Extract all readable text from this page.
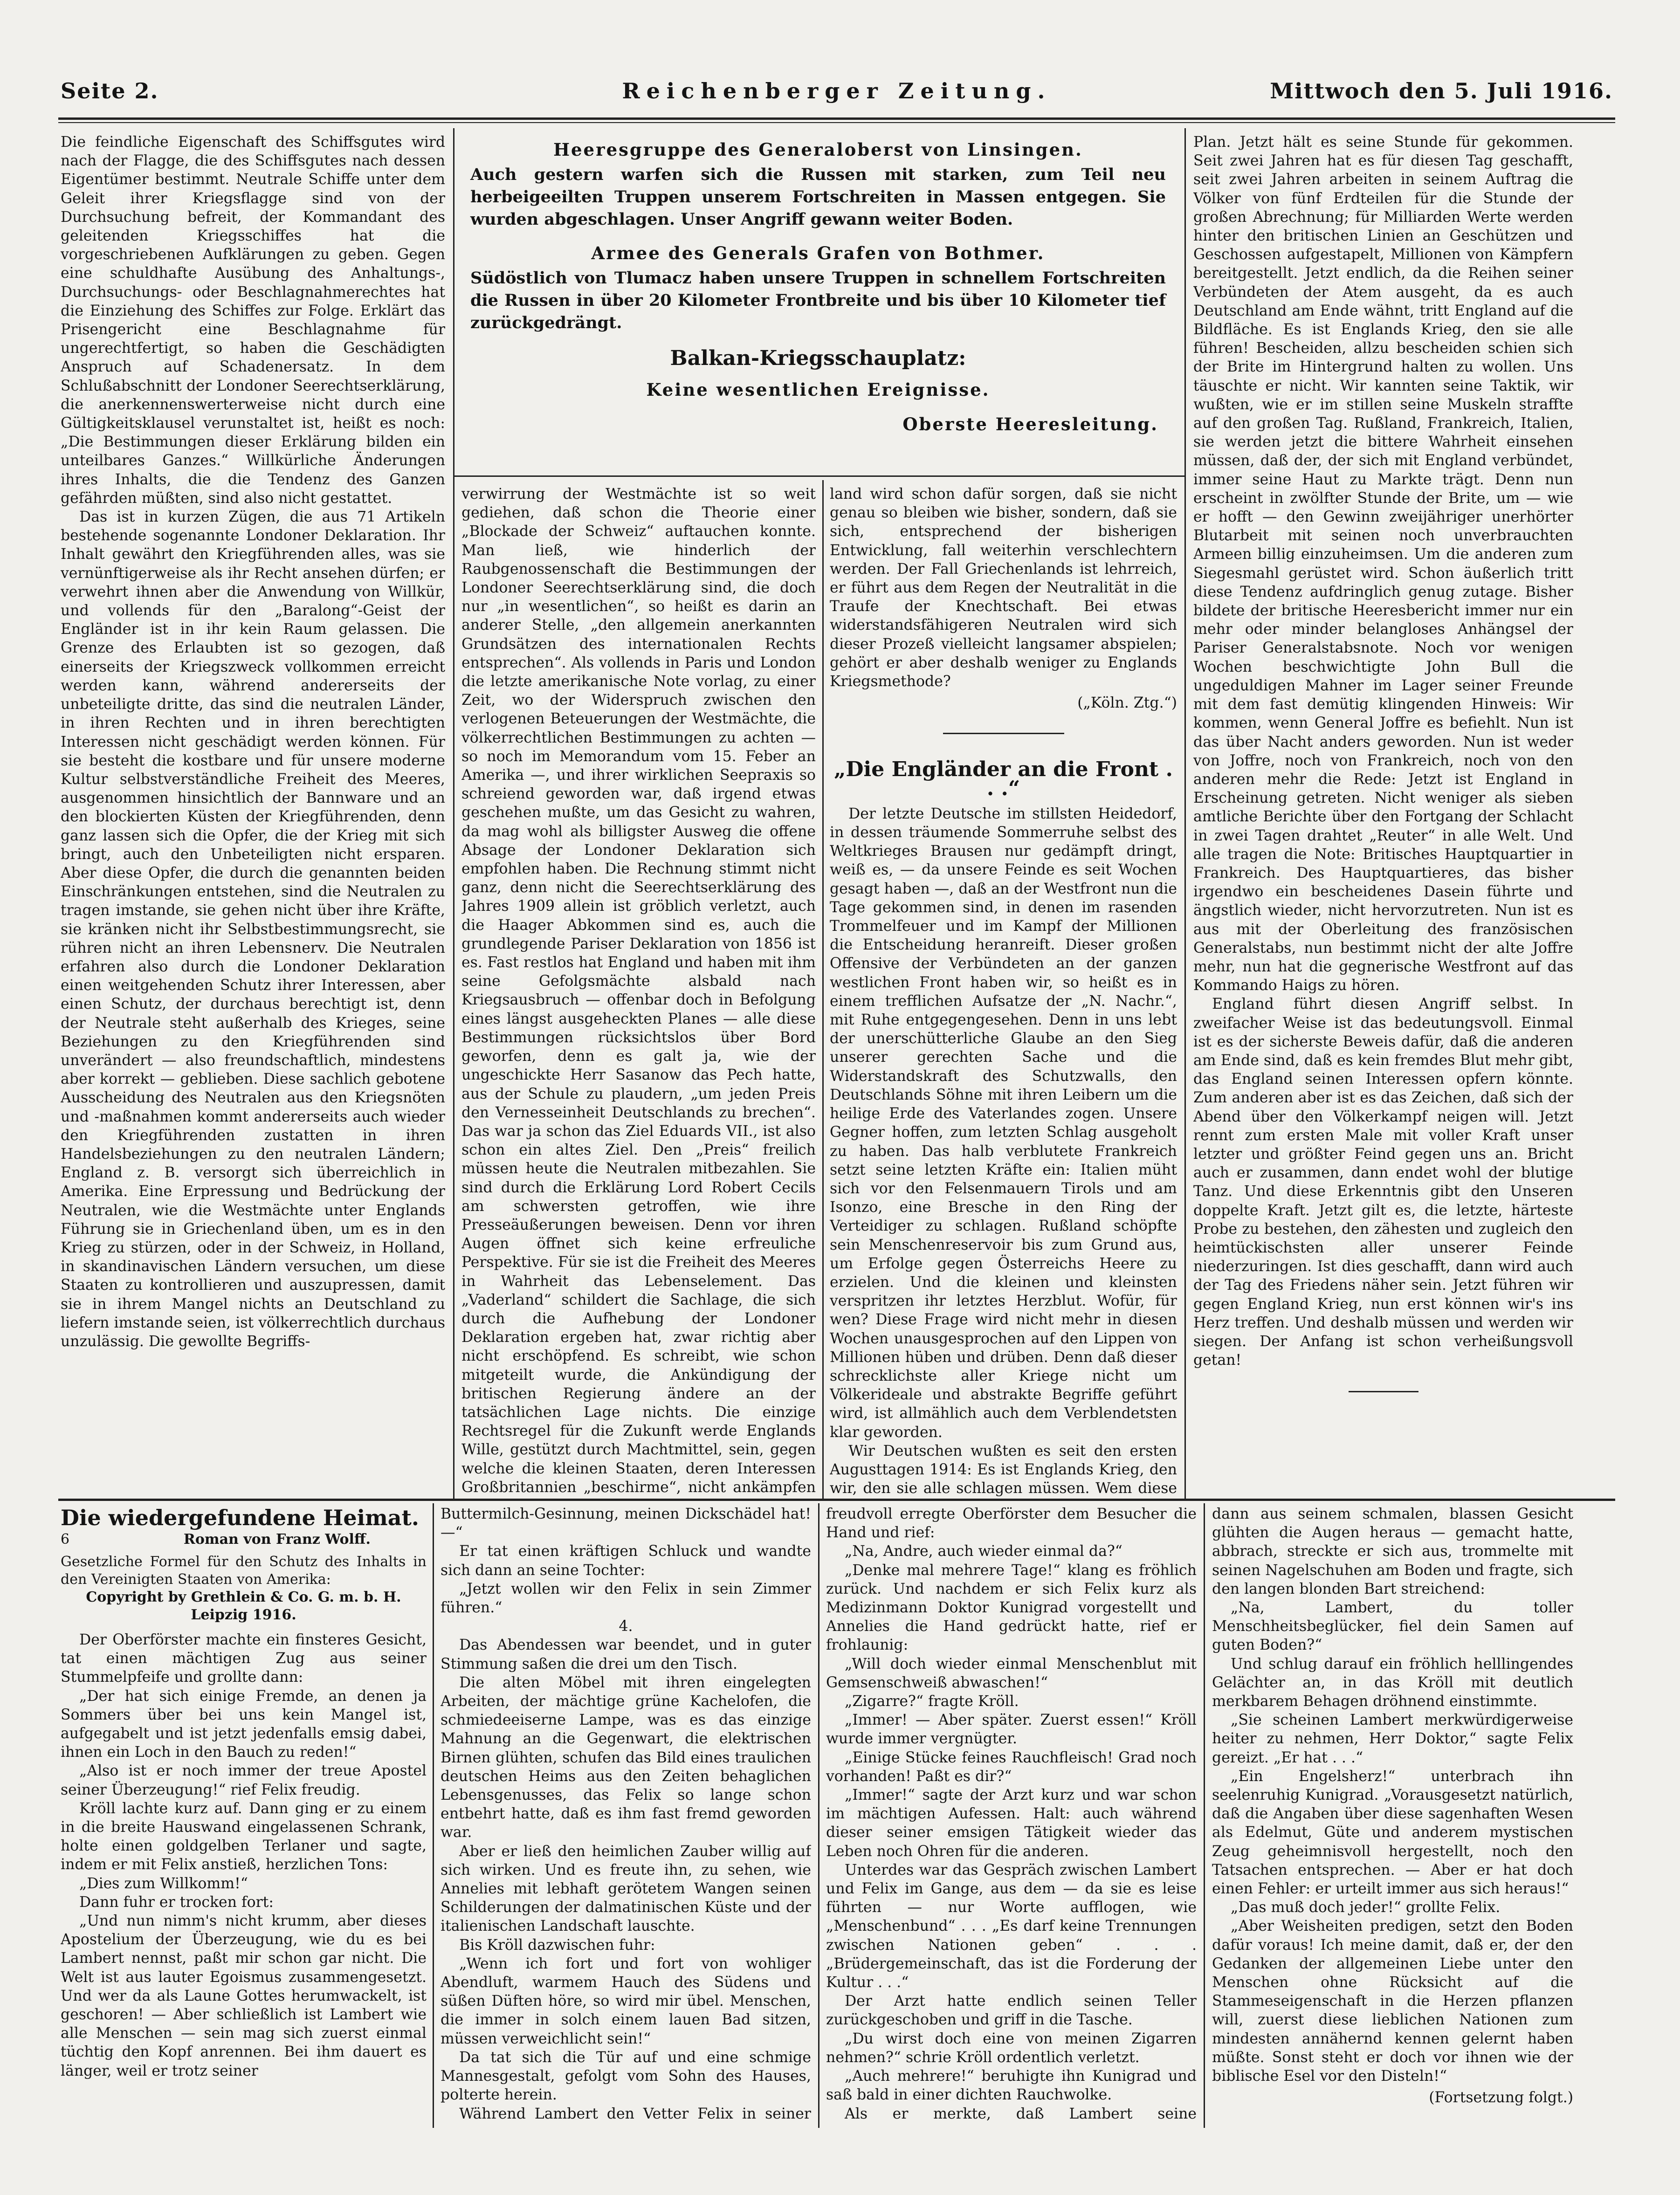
Seite 2.	Reichenberger Zeitung.	Mittwoch den 5. Juli 1916.

Die feindliche Eigenschaft des Schiffsgutes wird nach der Flagge, die des Schiffsgutes nach dessen Eigentümer bestimmt. Neutrale Schiffe unter dem Geleit ihrer Kriegsflagge sind von der Durchsuchung befreit, der Kommandant des geleitenden Kriegsschiffes hat die vorgeschriebenen Aufklärungen zu geben. Gegen eine schuldhafte Ausübung des Anhaltungs-, Durchsuchungs- oder Beschlagnahmerechtes hat die Einziehung des Schiffes zur Folge. Erklärt das Prisengericht eine Beschlagnahme für ungerechtfertigt, so haben die Geschädigten Anspruch auf Schadenersatz. In dem Schlußabschnitt der Londoner Seerechtserklärung, die anerkennenswerterweise nicht durch eine Gültigkeitsklausel verunstaltet ist, heißt es noch: „Die Bestimmungen dieser Erklärung bilden ein unteilbares Ganzes.“ Willkürliche Änderungen ihres Inhalts, die die Tendenz des Ganzen gefährden müßten, sind also nicht gestattet.

Das ist in kurzen Zügen, die aus 71 Artikeln bestehende sogenannte Londoner Deklaration. Ihr Inhalt gewährt den Kriegführenden alles, was sie vernünftigerweise als ihr Recht ansehen dürfen; er verwehrt ihnen aber die Anwendung von Willkür, und vollends für den „Baralong“-Geist der Engländer ist in ihr kein Raum gelassen. Die Grenze des Erlaubten ist so gezogen, daß einerseits der Kriegszweck vollkommen erreicht werden kann, während andererseits der unbeteiligte dritte, das sind die neutralen Länder, in ihren Rechten und in ihren berechtigten Interessen nicht geschädigt werden können. Für sie besteht die kostbare und für unsere moderne Kultur selbstverständliche Freiheit des Meeres, ausgenommen hinsichtlich der Bannware und an den blockierten Küsten der Kriegführenden, denn ganz lassen sich die Opfer, die der Krieg mit sich bringt, auch den Unbeteiligten nicht ersparen. Aber diese Opfer, die durch die genannten beiden Einschränkungen entstehen, sind die Neutralen zu tragen imstande, sie gehen nicht über ihre Kräfte, sie kränken nicht ihr Selbstbestimmungsrecht, sie rühren nicht an ihren Lebensnerv. Die Neutralen erfahren also durch die Londoner Deklaration einen weitgehenden Schutz ihrer Interessen, aber einen Schutz, der durchaus berechtigt ist, denn der Neutrale steht außerhalb des Krieges, seine Beziehungen zu den Kriegführenden sind unverändert — also freundschaftlich, mindestens aber korrekt — geblieben. Diese sachlich gebotene Ausscheidung des Neutralen aus den Kriegsnöten und -maßnahmen kommt andererseits auch wieder den Kriegführenden zustatten in ihren Handelsbeziehungen zu den neutralen Ländern; England z. B. versorgt sich überreichlich in Amerika. Eine Erpressung und Bedrückung der Neutralen, wie die Westmächte unter Englands Führung sie in Griechenland üben, um es in den Krieg zu stürzen, oder in der Schweiz, in Holland, in skandinavischen Ländern versuchen, um diese Staaten zu kontrollieren und auszupressen, damit sie in ihrem Mangel nichts an Deutschland zu liefern imstande seien, ist völkerrechtlich durchaus unzulässig. Die gewollte Begriffs-

Heeresgruppe des Generaloberst von Linsingen.
Auch gestern warfen sich die Russen mit starken, zum Teil neu herbeigeeilten Truppen unserem Fortschreiten in Massen entgegen. Sie wurden abgeschlagen. Unser Angriff gewann weiter Boden.
Armee des Generals Grafen von Bothmer.
Südöstlich von Tlumacz haben unsere Truppen in schnellem Fortschreiten die Russen in über 20 Kilometer Frontbreite und bis über 10 Kilometer tief zurückgedrängt.
Balkan-Kriegsschauplatz:
Keine wesentlichen Ereignisse.
Oberste Heeresleitung.

verwirrung der Westmächte ist so weit gediehen, daß schon die Theorie einer „Blockade der Schweiz“ auftauchen konnte. Man ließ, wie hinderlich der Raubgenossenschaft die Bestimmungen der Londoner Seerechtserklärung sind, die doch nur „in wesentlichen“, so heißt es darin an anderer Stelle, „den allgemein anerkannten Grundsätzen des internationalen Rechts entsprechen“. Als vollends in Paris und London die letzte amerikanische Note vorlag, zu einer Zeit, wo der Widerspruch zwischen den verlogenen Beteuerungen der Westmächte, die völkerrechtlichen Bestimmungen zu achten — so noch im Memorandum vom 15. Feber an Amerika —, und ihrer wirklichen Seepraxis so schreiend geworden war, daß irgend etwas geschehen mußte, um das Gesicht zu wahren, da mag wohl als billigster Ausweg die offene Absage der Londoner Deklaration sich empfohlen haben. Die Rechnung stimmt nicht ganz, denn nicht die Seerechtserklärung des Jahres 1909 allein ist gröblich verletzt, auch die Haager Abkommen sind es, auch die grundlegende Pariser Deklaration von 1856 ist es. Fast restlos hat England und haben mit ihm seine Gefolgsmächte alsbald nach Kriegsausbruch — offenbar doch in Befolgung eines längst ausgeheckten Planes — alle diese Bestimmungen rücksichtslos über Bord geworfen, denn es galt ja, wie der ungeschickte Herr Sasanow das Pech hatte, aus der Schule zu plaudern, „um jeden Preis den Vernesseinheit Deutschlands zu brechen“. Das war ja schon das Ziel Eduards VII., ist also schon ein altes Ziel. Den „Preis“ freilich müssen heute die Neutralen mitbezahlen. Sie sind durch die Erklärung Lord Robert Cecils am schwersten getroffen, wie ihre Presseäußerungen beweisen. Denn vor ihren Augen öffnet sich keine erfreuliche Perspektive. Für sie ist die Freiheit des Meeres in Wahrheit das Lebenselement. Das „Vaderland“ schildert die Sachlage, die sich durch die Aufhebung der Londoner Deklaration ergeben hat, zwar richtig aber nicht erschöpfend. Es schreibt, wie schon mitgeteilt wurde, die Ankündigung der britischen Regierung ändere an der tatsächlichen Lage nichts. Die einzige Rechtsregel für die Zukunft werde Englands Wille, gestützt durch Machtmittel, sein, gegen welche die kleinen Staaten, deren Interessen Großbritannien „beschirme“, nicht ankämpfen

land wird schon dafür sorgen, daß sie nicht genau so bleiben wie bisher, sondern, daß sie sich, entsprechend der bisherigen Entwicklung, fall weiterhin verschlechtern werden. Der Fall Griechenlands ist lehrreich, er führt aus dem Regen der Neutralität in die Traufe der Knechtschaft. Bei etwas widerstandsfähigeren Neutralen wird sich dieser Prozeß vielleicht langsamer abspielen; gehört er aber deshalb weniger zu Englands Kriegsmethode?

(„Köln. Ztg.“)
„Die Engländer an die Front . . .“

Der letzte Deutsche im stillsten Heidedorf, in dessen träumende Sommerruhe selbst des Weltkrieges Brausen nur gedämpft dringt, weiß es, — da unsere Feinde es seit Wochen gesagt haben —, daß an der Westfront nun die Tage gekommen sind, in denen im rasenden Trommelfeuer und im Kampf der Millionen die Entscheidung heranreift. Dieser großen Offensive der Verbündeten an der ganzen westlichen Front haben wir, so heißt es in einem trefflichen Aufsatze der „N. Nachr.“, mit Ruhe entgegengesehen. Denn in uns lebt der unerschütterliche Glaube an den Sieg unserer gerechten Sache und die Widerstandskraft des Schutzwalls, den Deutschlands Söhne mit ihren Leibern um die heilige Erde des Vaterlandes zogen. Unsere Gegner hoffen, zum letzten Schlag ausgeholt zu haben. Das halb verblutete Frankreich setzt seine letzten Kräfte ein: Italien müht sich vor den Felsenmauern Tirols und am Isonzo, eine Bresche in den Ring der Verteidiger zu schlagen. Rußland schöpfte sein Menschenreservoir bis zum Grund aus, um Erfolge gegen Österreichs Heere zu erzielen. Und die kleinen und kleinsten verspritzen ihr letztes Herzblut. Wofür, für wen? Diese Frage wird nicht mehr in diesen Wochen unausgesprochen auf den Lippen von Millionen hüben und drüben. Denn daß dieser schrecklichste aller Kriege nicht um Völkerideale und abstrakte Begriffe geführt wird, ist allmählich auch dem Verblendetsten klar geworden.

Wir Deutschen wußten es seit den ersten Augusttagen 1914: Es ist Englands Krieg, den wir, den sie alle schlagen müssen. Wem diese

Plan. Jetzt hält es seine Stunde für gekommen. Seit zwei Jahren hat es für diesen Tag geschafft, seit zwei Jahren arbeiten in seinem Auftrag die Völker von fünf Erdteilen für die Stunde der großen Abrechnung; für Milliarden Werte werden hinter den britischen Linien an Geschützen und Geschossen aufgestapelt, Millionen von Kämpfern bereitgestellt. Jetzt endlich, da die Reihen seiner Verbündeten der Atem ausgeht, da es auch Deutschland am Ende wähnt, tritt England auf die Bildfläche. Es ist Englands Krieg, den sie alle führen! Bescheiden, allzu bescheiden schien sich der Brite im Hintergrund halten zu wollen. Uns täuschte er nicht. Wir kannten seine Taktik, wir wußten, wie er im stillen seine Muskeln straffte auf den großen Tag. Rußland, Frankreich, Italien, sie werden jetzt die bittere Wahrheit einsehen müssen, daß der, der sich mit England verbündet, immer seine Haut zu Markte trägt. Denn nun erscheint in zwölfter Stunde der Brite, um — wie er hofft — den Gewinn zweijähriger unerhörter Blutarbeit mit seinen noch unverbrauchten Armeen billig einzuheimsen. Um die anderen zum Siegesmahl gerüstet wird. Schon äußerlich tritt diese Tendenz aufdringlich genug zutage. Bisher bildete der britische Heeresbericht immer nur ein mehr oder minder belangloses Anhängsel der Pariser Generalstabsnote. Noch vor wenigen Wochen beschwichtigte John Bull die ungeduldigen Mahner im Lager seiner Freunde mit dem fast demütig klingenden Hinweis: Wir kommen, wenn General Joffre es befiehlt. Nun ist das über Nacht anders geworden. Nun ist weder von Joffre, noch von Frankreich, noch von den anderen mehr die Rede: Jetzt ist England in Erscheinung getreten. Nicht weniger als sieben amtliche Berichte über den Fortgang der Schlacht in zwei Tagen drahtet „Reuter“ in alle Welt. Und alle tragen die Note: Britisches Hauptquartier in Frankreich. Des Hauptquartieres, das bisher irgendwo ein bescheidenes Dasein führte und ängstlich wieder, nicht hervorzutreten. Nun ist es aus mit der Oberleitung des französischen Generalstabs, nun bestimmt nicht der alte Joffre mehr, nun hat die gegnerische Westfront auf das Kommando Haigs zu hören.

England führt diesen Angriff selbst. In zweifacher Weise ist das bedeutungsvoll. Einmal ist es der sicherste Beweis dafür, daß die anderen am Ende sind, daß es kein fremdes Blut mehr gibt, das England seinen Interessen opfern könnte. Zum anderen aber ist es das Zeichen, daß sich der Abend über den Völkerkampf neigen will. Jetzt rennt zum ersten Male mit voller Kraft unser letzter und größter Feind gegen uns an. Bricht auch er zusammen, dann endet wohl der blutige Tanz. Und diese Erkenntnis gibt den Unseren doppelte Kraft. Jetzt gilt es, die letzte, härteste Probe zu bestehen, den zähesten und zugleich den heimtückischsten aller unserer Feinde niederzuringen. Ist dies geschafft, dann wird auch der Tag des Friedens näher sein. Jetzt führen wir gegen England Krieg, nun erst können wir's ins Herz treffen. Und deshalb müssen und werden wir siegen. Der Anfang ist schon verheißungsvoll getan!

Die wiedergefundene Heimat.
6	Roman von Franz Wolff.

Gesetzliche Formel für den Schutz des Inhalts in den Vereinigten Staaten von Amerika:

Copyright by Grethlein & Co. G. m. b. H. Leipzig 1916.

Der Oberförster machte ein finsteres Gesicht, tat einen mächtigen Zug aus seiner Stummelpfeife und grollte dann:

„Der hat sich einige Fremde, an denen ja Sommers über bei uns kein Mangel ist, aufgegabelt und ist jetzt jedenfalls emsig dabei, ihnen ein Loch in den Bauch zu reden!“

„Also ist er noch immer der treue Apostel seiner Überzeugung!“ rief Felix freudig.

Kröll lachte kurz auf. Dann ging er zu einem in die breite Hauswand eingelassenen Schrank, holte einen goldgelben Terlaner und sagte, indem er mit Felix anstieß, herzlichen Tons:

„Dies zum Willkomm!“

Dann fuhr er trocken fort:

„Und nun nimm's nicht krumm, aber dieses Apostelium der Überzeugung, wie du es bei Lambert nennst, paßt mir schon gar nicht. Die Welt ist aus lauter Egoismus zusammengesetzt. Und wer da als Laune Gottes herumwackelt, ist geschoren! — Aber schließlich ist Lambert wie alle Menschen — sein mag sich zuerst einmal tüchtig den Kopf anrennen. Bei ihm dauert es länger, weil er trotz seiner

Buttermilch-Gesinnung, meinen Dickschädel hat! —“

Er tat einen kräftigen Schluck und wandte sich dann an seine Tochter:

„Jetzt wollen wir den Felix in sein Zimmer führen.“

4.

Das Abendessen war beendet, und in guter Stimmung saßen die drei um den Tisch.

Die alten Möbel mit ihren eingelegten Arbeiten, der mächtige grüne Kachelofen, die schmiedeeiserne Lampe, was es das einzige Mahnung an die Gegenwart, die elektrischen Birnen glühten, schufen das Bild eines traulichen deutschen Heims aus den Zeiten behaglichen Lebensgenusses, das Felix so lange schon entbehrt hatte, daß es ihm fast fremd geworden war.

Aber er ließ den heimlichen Zauber willig auf sich wirken. Und es freute ihn, zu sehen, wie Annelies mit lebhaft gerötetem Wangen seinen Schilderungen der dalmatinischen Küste und der italienischen Landschaft lauschte.

Bis Kröll dazwischen fuhr:

„Wenn ich fort und fort von wohliger Abendluft, warmem Hauch des Südens und süßen Düften höre, so wird mir übel. Menschen, die immer in solch einem lauen Bad sitzen, müssen verweichlicht sein!“

Da tat sich die Tür auf und eine schmige Mannesgestalt, gefolgt vom Sohn des Hauses, polterte herein.

Während Lambert den Vetter Felix in seiner

freudvoll erregte Oberförster dem Besucher die Hand und rief:

„Na, Andre, auch wieder einmal da?“

„Denke mal mehrere Tage!“ klang es fröhlich zurück. Und nachdem er sich Felix kurz als Medizinmann Doktor Kunigrad vorgestellt und Annelies die Hand gedrückt hatte, rief er frohlaunig:

„Will doch wieder einmal Menschenblut mit Gemsenschweiß abwaschen!“

„Zigarre?“ fragte Kröll.

„Immer! — Aber später. Zuerst essen!“ Kröll wurde immer vergnügter.

„Einige Stücke feines Rauchfleisch! Grad noch vorhanden! Paßt es dir?“

„Immer!“ sagte der Arzt kurz und war schon im mächtigen Aufessen. Halt: auch während dieser seiner emsigen Tätigkeit wieder das Leben noch Ohren für die anderen.

Unterdes war das Gespräch zwischen Lambert und Felix im Gange, aus dem — da sie es leise führten — nur Worte aufflogen, wie „Menschenbund“ . . . „Es darf keine Trennungen zwischen Nationen geben“ . . . „Brüdergemeinschaft, das ist die Forderung der Kultur . . .“

Der Arzt hatte endlich seinen Teller zurückgeschoben und griff in die Tasche.

„Du wirst doch eine von meinen Zigarren nehmen?“ schrie Kröll ordentlich verletzt.

„Auch mehrere!“ beruhigte ihn Kunigrad und saß bald in einer dichten Rauchwolke.

Als er merkte, daß Lambert seine

dann aus seinem schmalen, blassen Gesicht glühten die Augen heraus — gemacht hatte, abbrach, streckte er sich aus, trommelte mit seinen Nagelschuhen am Boden und fragte, sich den langen blonden Bart streichend:

„Na, Lambert, du toller Menschheitsbeglücker, fiel dein Samen auf guten Boden?“

Und schlug darauf ein fröhlich helllingendes Gelächter an, in das Kröll mit deutlich merkbarem Behagen dröhnend einstimmte.

„Sie scheinen Lambert merkwürdigerweise heiter zu nehmen, Herr Doktor,“ sagte Felix gereizt. „Er hat . . .“

„Ein Engelsherz!“ unterbrach ihn seelenruhig Kunigrad. „Vorausgesetzt natürlich, daß die Angaben über diese sagenhaften Wesen als Edelmut, Güte und anderem mystischen Zeug geheimnisvoll hergestellt, noch den Tatsachen entsprechen. — Aber er hat doch einen Fehler: er urteilt immer aus sich heraus!“

„Das muß doch jeder!“ grollte Felix.

„Aber Weisheiten predigen, setzt den Boden dafür voraus! Ich meine damit, daß er, der den Gedanken der allgemeinen Liebe unter den Menschen ohne Rücksicht auf die Stammeseigenschaft in die Herzen pflanzen will, zuerst diese lieblichen Nationen zum mindesten annähernd kennen gelernt haben müßte. Sonst steht er doch vor ihnen wie der biblische Esel vor den Disteln!“

(Fortsetzung folgt.)
